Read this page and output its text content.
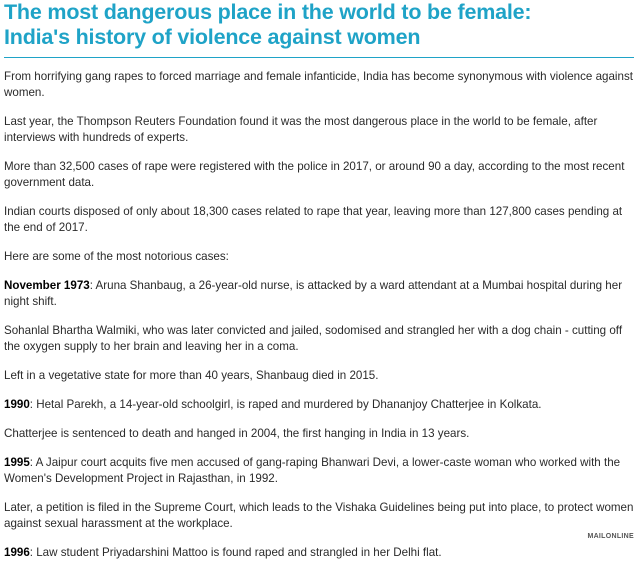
The most dangerous place in the world to be female:
India's history of violence against women

From horrifying gang rapes to forced marriage and female infanticide, India has become synonymous with violence against women.

Last year, the Thompson Reuters Foundation found it was the most dangerous place in the world to be female, after interviews with hundreds of experts.

More than 32,500 cases of rape were registered with the police in 2017, or around 90 a day, according to the most recent government data.

Indian courts disposed of only about 18,300 cases related to rape that year, leaving more than 127,800 cases pending at the end of 2017.

Here are some of the most notorious cases:

November 1973: Aruna Shanbaug, a 26-year-old nurse, is attacked by a ward attendant at a Mumbai hospital during her night shift.

Sohanlal Bhartha Walmiki, who was later convicted and jailed, sodomised and strangled her with a dog chain - cutting off the oxygen supply to her brain and leaving her in a coma.

Left in a vegetative state for more than 40 years, Shanbaug died in 2015.

1990: Hetal Parekh, a 14-year-old schoolgirl, is raped and murdered by Dhananjoy Chatterjee in Kolkata.

Chatterjee is sentenced to death and hanged in 2004, the first hanging in India in 13 years.

1995: A Jaipur court acquits five men accused of gang-raping Bhanwari Devi, a lower-caste woman who worked with the Women's Development Project in Rajasthan, in 1992.

Later, a petition is filed in the Supreme Court, which leads to the Vishaka Guidelines being put into place, to protect women against sexual harassment at the workplace.

1996: Law student Priyadarshini Mattoo is found raped and strangled in her Delhi flat.

MAILONLINE
